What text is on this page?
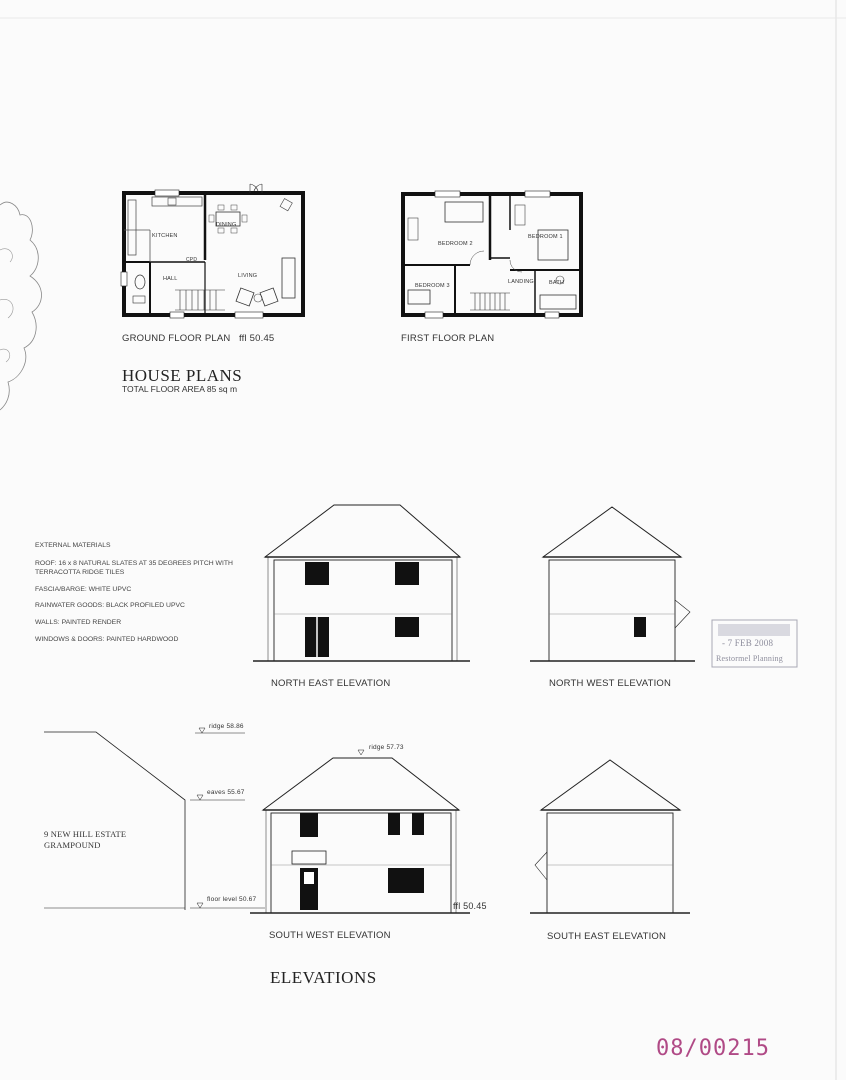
KITCHEN
DINING
LIVING
HALL
CPD
BEDROOM 1
BEDROOM 2
BEDROOM 3
LANDING	BATH
GROUND FLOOR PLAN ffl 50.45	FIRST FLOOR PLAN
HOUSE PLANS
TOTAL FLOOR AREA 85 sq m
EXTERNAL MATERIALS
ROOF: 16 x 8 NATURAL SLATES AT 35 DEGREES PITCH WITH
TERRACOTTA RIDGE TILES
FASCIA/BARGE: WHITE UPVC
RAINWATER GOODS: BLACK PROFILED UPVC
WALLS: PAINTED RENDER
WINDOWS & DOORS: PAINTED HARDWOOD
NORTH EAST ELEVATION	NORTH WEST ELEVATION
SOUTH WEST ELEVATION	SOUTH EAST ELEVATION
ridge 58.86
eaves 55.67
floor level 50.67
ridge 57.73
ffl 50.45
9 NEW HILL ESTATE
GRAMPOUND
ELEVATIONS
- 7 FEB 2008
Restormel Planning
08/00215
